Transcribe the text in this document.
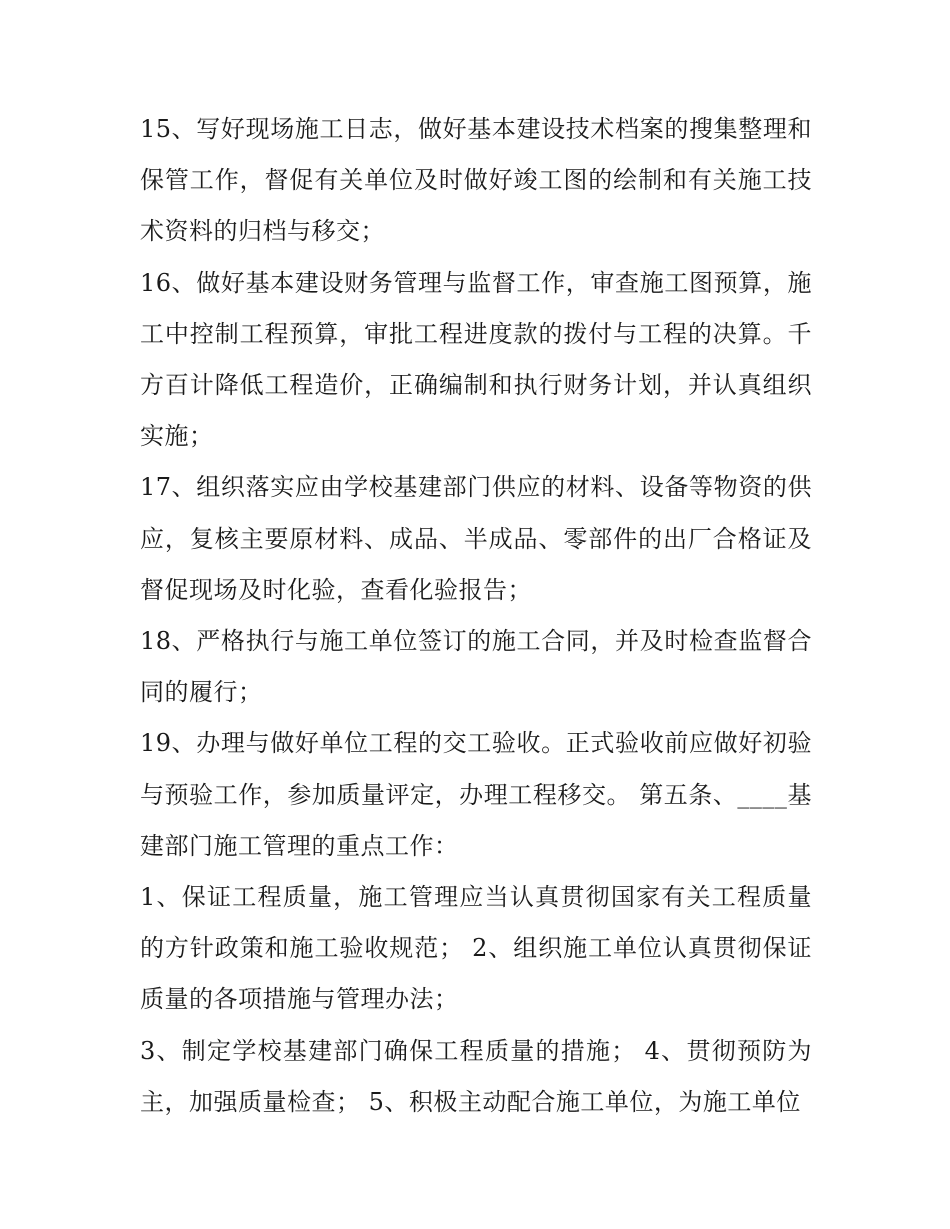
15、写好现场施工日志，做好基本建设技术档案的搜集整理和保管工作，督促有关单位及时做好竣工图的绘制和有关施工技术资料的归档与移交；

16、做好基本建设财务管理与监督工作，审查施工图预算，施工中控制工程预算，审批工程进度款的拨付与工程的决算。千方百计降低工程造价，正确编制和执行财务计划，并认真组织实施；

17、组织落实应由学校基建部门供应的材料、设备等物资的供应，复核主要原材料、成品、半成品、零部件的出厂合格证及督促现场及时化验，查看化验报告；

18、严格执行与施工单位签订的施工合同，并及时检查监督合同的履行；

19、办理与做好单位工程的交工验收。正式验收前应做好初验与预验工作，参加质量评定，办理工程移交。 第五条、____基建部门施工管理的重点工作：

1、保证工程质量，施工管理应当认真贯彻国家有关工程质量的方针政策和施工验收规范； 2、组织施工单位认真贯彻保证质量的各项措施与管理办法；

3、制定学校基建部门确保工程质量的措施； 4、贯彻预防为主，加强质量检查； 5、积极主动配合施工单位，为施工单位
